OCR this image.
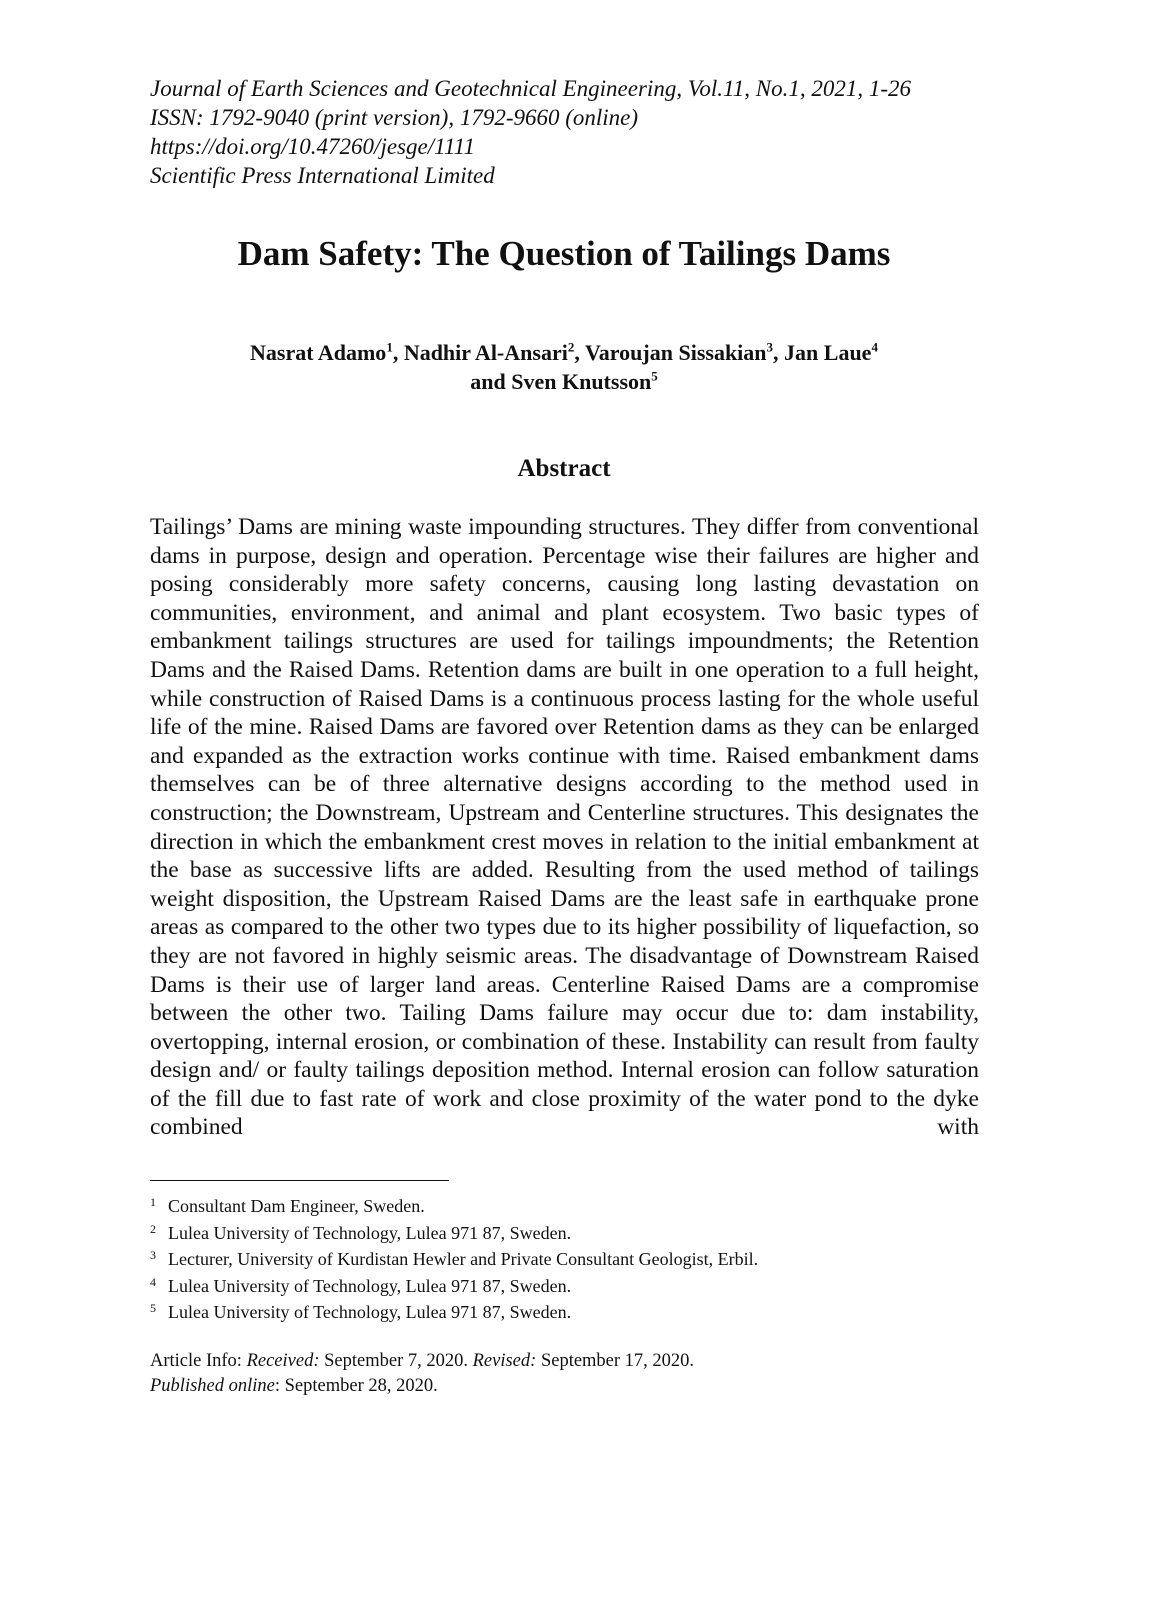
Journal of Earth Sciences and Geotechnical Engineering, Vol.11, No.1, 2021, 1-26
ISSN: 1792-9040 (print version), 1792-9660 (online)
https://doi.org/10.47260/jesge/1111
Scientific Press International Limited
Dam Safety: The Question of Tailings Dams
Nasrat Adamo$^1$, Nadhir Al-Ansari$^2$, Varoujan Sissakian$^3$, Jan Laue$^4$
and Sven Knutsson$^5$
Abstract
Tailings’ Dams are mining waste impounding structures. They differ from conventional dams in purpose, design and operation. Percentage wise their failures are higher and posing considerably more safety concerns, causing long lasting devastation on communities, environment, and animal and plant ecosystem. Two basic types of embankment tailings structures are used for tailings impoundments; the Retention Dams and the Raised Dams. Retention dams are built in one operation to a full height, while construction of Raised Dams is a continuous process lasting for the whole useful life of the mine. Raised Dams are favored over Retention dams as they can be enlarged and expanded as the extraction works continue with time. Raised embankment dams themselves can be of three alternative designs according to the method used in construction; the Downstream, Upstream and Centerline structures. This designates the direction in which the embankment crest moves in relation to the initial embankment at the base as successive lifts are added. Resulting from the used method of tailings weight disposition, the Upstream Raised Dams are the least safe in earthquake prone areas as compared to the other two types due to its higher possibility of liquefaction, so they are not favored in highly seismic areas. The disadvantage of Downstream Raised Dams is their use of larger land areas. Centerline Raised Dams are a compromise between the other two. Tailing Dams failure may occur due to: dam instability, overtopping, internal erosion, or combination of these. Instability can result from faulty design and/ or faulty tailings deposition method. Internal erosion can follow saturation of the fill due to fast rate of work and close proximity of the water pond to the dyke combined with
1 Consultant Dam Engineer, Sweden.
2 Lulea University of Technology, Lulea 971 87, Sweden.
3 Lecturer, University of Kurdistan Hewler and Private Consultant Geologist, Erbil.
4 Lulea University of Technology, Lulea 971 87, Sweden.
5 Lulea University of Technology, Lulea 971 87, Sweden.
Article Info: Received: September 7, 2020. Revised: September 17, 2020.
Published online: September 28, 2020.
